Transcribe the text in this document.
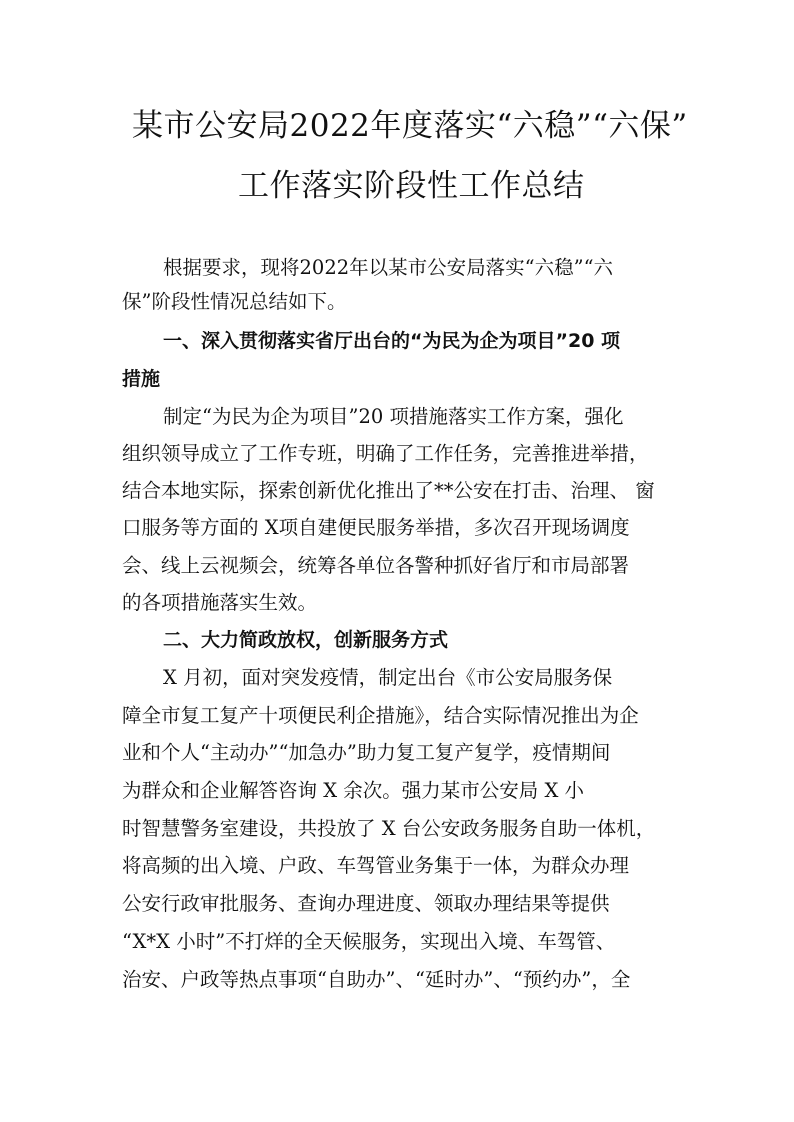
某市公安局2022年度落实“六稳”“六保”
工作落实阶段性工作总结
根据要求，现将2022年以某市公安局落实“六稳”“六
保”阶段性情况总结如下。
一、深入贯彻落实省厅出台的“为民为企为项目”20 项
措施
制定“为民为企为项目”20 项措施落实工作方案，强化
组织领导成立了工作专班，明确了工作任务，完善推进举措，
结合本地实际，探索创新优化推出了**公安在打击、治理、 窗
口服务等方面的 X项自建便民服务举措，多次召开现场调度
会、线上云视频会，统筹各单位各警种抓好省厅和市局部署
的各项措施落实生效。
二、大力简政放权，创新服务方式
X 月初，面对突发疫情，制定出台《市公安局服务保
障全市复工复产十项便民利企措施》，结合实际情况推出为企
业和个人“主动办”“加急办”助力复工复产复学，疫情期间
为群众和企业解答咨询 X 余次。强力某市公安局 X 小
时智慧警务室建设，共投放了 X 台公安政务服务自助一体机，
将高频的出入境、户政、车驾管业务集于一体，为群众办理
公安行政审批服务、查询办理进度、领取办理结果等提供
“X*X 小时”不打烊的全天候服务，实现出入境、车驾管、
治安、户政等热点事项“自助办”、“延时办”、“预约办”，全
